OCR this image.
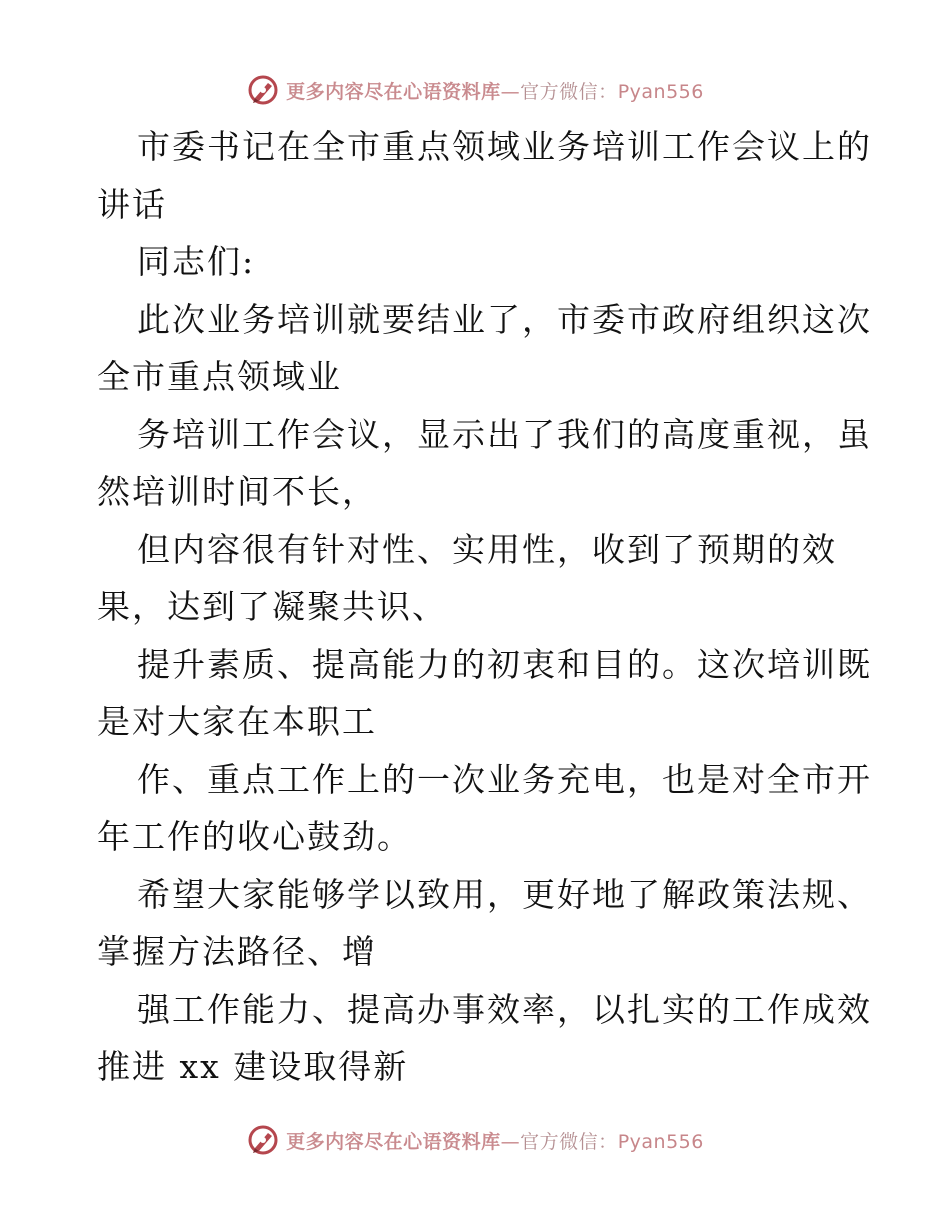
更多内容尽在心语资料库—官方微信：Pyan556
市委书记在全市重点领域业务培训工作会议上的
讲话
同志们:
此次业务培训就要结业了，市委市政府组织这次
全市重点领域业
务培训工作会议，显示出了我们的高度重视，虽
然培训时间不长，
但内容很有针对性、实用性，收到了预期的效
果，达到了凝聚共识、
提升素质、提高能力的初衷和目的。这次培训既
是对大家在本职工
作、重点工作上的一次业务充电，也是对全市开
年工作的收心鼓劲。
希望大家能够学以致用，更好地了解政策法规、
掌握方法路径、增
强工作能力、提高办事效率，以扎实的工作成效
推进 xx 建设取得新
更多内容尽在心语资料库—官方微信：Pyan556
